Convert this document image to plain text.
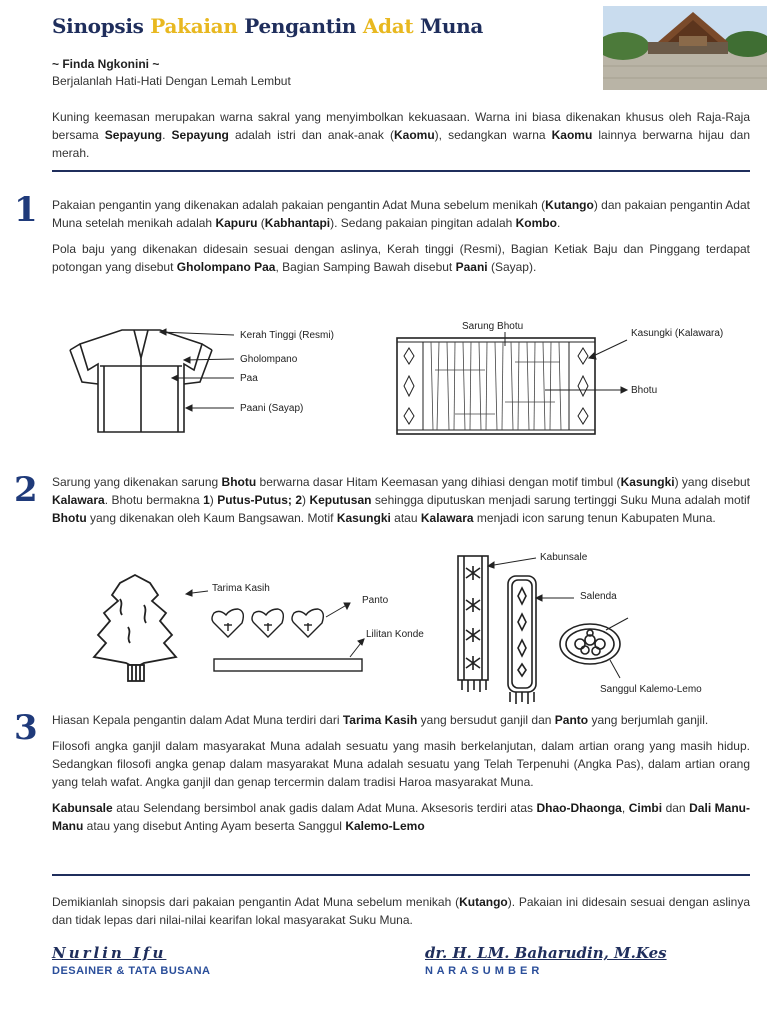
Sinopsis Pakaian Pengantin Adat Muna
~ Finda Ngkonini ~
Berjalanlah Hati-Hati Dengan Lemah Lembut

Kuning keemasan merupakan warna sakral yang menyimbolkan kekuasaan. Warna ini biasa dikenakan khusus oleh Raja-Raja bersama Sepayung. Sepayung adalah istri dan anak-anak (Kaomu), sedangkan warna Kaomu lainnya berwarna hijau dan merah.

1 Pakaian pengantin yang dikenakan adalah pakaian pengantin Adat Muna sebelum menikah (Kutango) dan pakaian pengantin Adat Muna setelah menikah adalah Kapuru (Kabhantapi). Sedang pakaian pingitan adalah Kombo.

Pola baju yang dikenakan didesain sesuai dengan aslinya, Kerah tinggi (Resmi), Bagian Ketiak Baju dan Pinggang terdapat potongan yang disebut Gholompano Paa, Bagian Samping Bawah disebut Paani (Sayap).

Kerah Tinggi (Resmi)
Gholompano
Paa
Paani (Sayap)
Sarung Bhotu
Kasungki (Kalawara)
Bhotu
2 Sarung yang dikenakan sarung Bhotu berwarna dasar Hitam Keemasan yang dihiasi dengan motif timbul (Kasungki) yang disebut Kalawara. Bhotu bermakna 1) Putus-Putus; 2) Keputusan sehingga diputuskan menjadi sarung tertinggi Suku Muna adalah motif Bhotu yang dikenakan oleh Kaum Bangsawan. Motif Kasungki atau Kalawara menjadi icon sarung tenun Kabupaten Muna.

Tarima Kasih
Panto
Lilitan Konde
Kabunsale
Salenda
Sanggul Kalemo-Lemo
3 Hiasan Kepala pengantin dalam Adat Muna terdiri dari Tarima Kasih yang bersudut ganjil dan Panto yang berjumlah ganjil.

Filosofi angka ganjil dalam masyarakat Muna adalah sesuatu yang masih berkelanjutan, dalam artian orang yang masih hidup. Sedangkan filosofi angka genap dalam masyarakat Muna adalah sesuatu yang Telah Terpenuhi (Angka Pas), dalam artian orang yang telah wafat. Angka ganjil dan genap tercermin dalam tradisi Haroa masyarakat Muna.

Kabunsale atau Selendang bersimbol anak gadis dalam Adat Muna. Aksesoris terdiri atas Dhao-Dhaonga, Cimbi dan Dali Manu-Manu atau yang disebut Anting Ayam beserta Sanggul Kalemo-Lemo

Demikianlah sinopsis dari pakaian pengantin Adat Muna sebelum menikah (Kutango). Pakaian ini didesain sesuai dengan aslinya dan tidak lepas dari nilai-nilai kearifan lokal masyarakat Suku Muna.

Nurlin Ifu
DESAINER & TATA BUSANA
dr. H. LM. Baharudin, M.Kes
N A R A S U M B E R
